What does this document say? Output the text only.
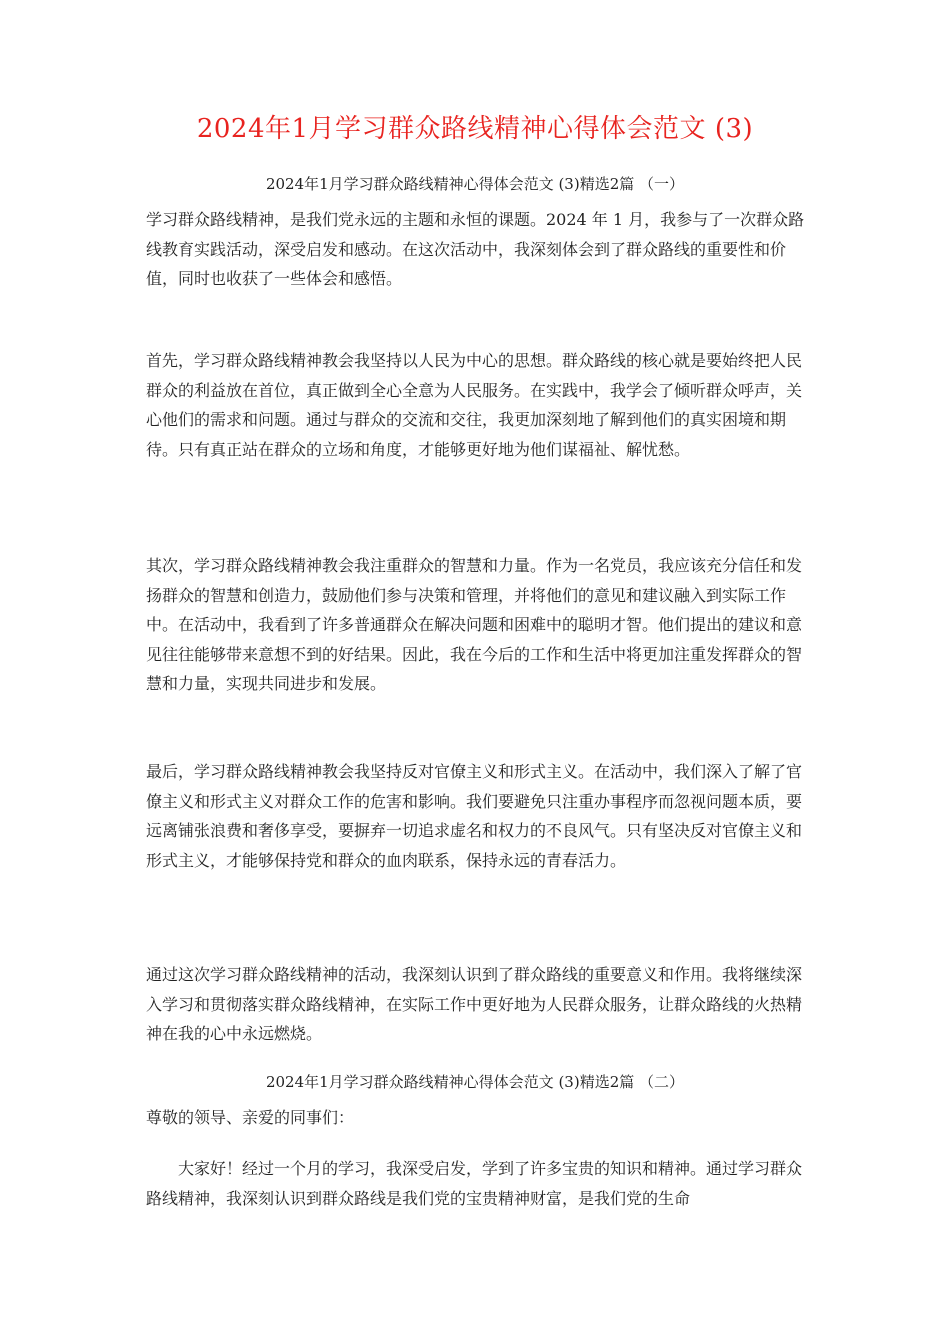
2024年1月学习群众路线精神心得体会范文 (3)
2024年1月学习群众路线精神心得体会范文 (3)精选2篇 （一）

学习群众路线精神，是我们党永远的主题和永恒的课题。2024 年 1 月，我参与了一次群众路线教育实践活动，深受启发和感动。在这次活动中，我深刻体会到了群众路线的重要性和价值，同时也收获了一些体会和感悟。

首先，学习群众路线精神教会我坚持以人民为中心的思想。群众路线的核心就是要始终把人民群众的利益放在首位，真正做到全心全意为人民服务。在实践中，我学会了倾听群众呼声，关心他们的需求和问题。通过与群众的交流和交往，我更加深刻地了解到他们的真实困境和期待。只有真正站在群众的立场和角度，才能够更好地为他们谋福祉、解忧愁。

其次，学习群众路线精神教会我注重群众的智慧和力量。作为一名党员，我应该充分信任和发扬群众的智慧和创造力，鼓励他们参与决策和管理，并将他们的意见和建议融入到实际工作中。在活动中，我看到了许多普通群众在解决问题和困难中的聪明才智。他们提出的建议和意见往往能够带来意想不到的好结果。因此，我在今后的工作和生活中将更加注重发挥群众的智慧和力量，实现共同进步和发展。

最后，学习群众路线精神教会我坚持反对官僚主义和形式主义。在活动中，我们深入了解了官僚主义和形式主义对群众工作的危害和影响。我们要避免只注重办事程序而忽视问题本质，要远离铺张浪费和奢侈享受，要摒弃一切追求虚名和权力的不良风气。只有坚决反对官僚主义和形式主义，才能够保持党和群众的血肉联系，保持永远的青春活力。

通过这次学习群众路线精神的活动，我深刻认识到了群众路线的重要意义和作用。我将继续深入学习和贯彻落实群众路线精神，在实际工作中更好地为人民群众服务，让群众路线的火热精神在我的心中永远燃烧。

2024年1月学习群众路线精神心得体会范文 (3)精选2篇 （二）

尊敬的领导、亲爱的同事们：

大家好！经过一个月的学习，我深受启发，学到了许多宝贵的知识和精神。通过学习群众路线精神，我深刻认识到群众路线是我们党的宝贵精神财富，是我们党的生命
